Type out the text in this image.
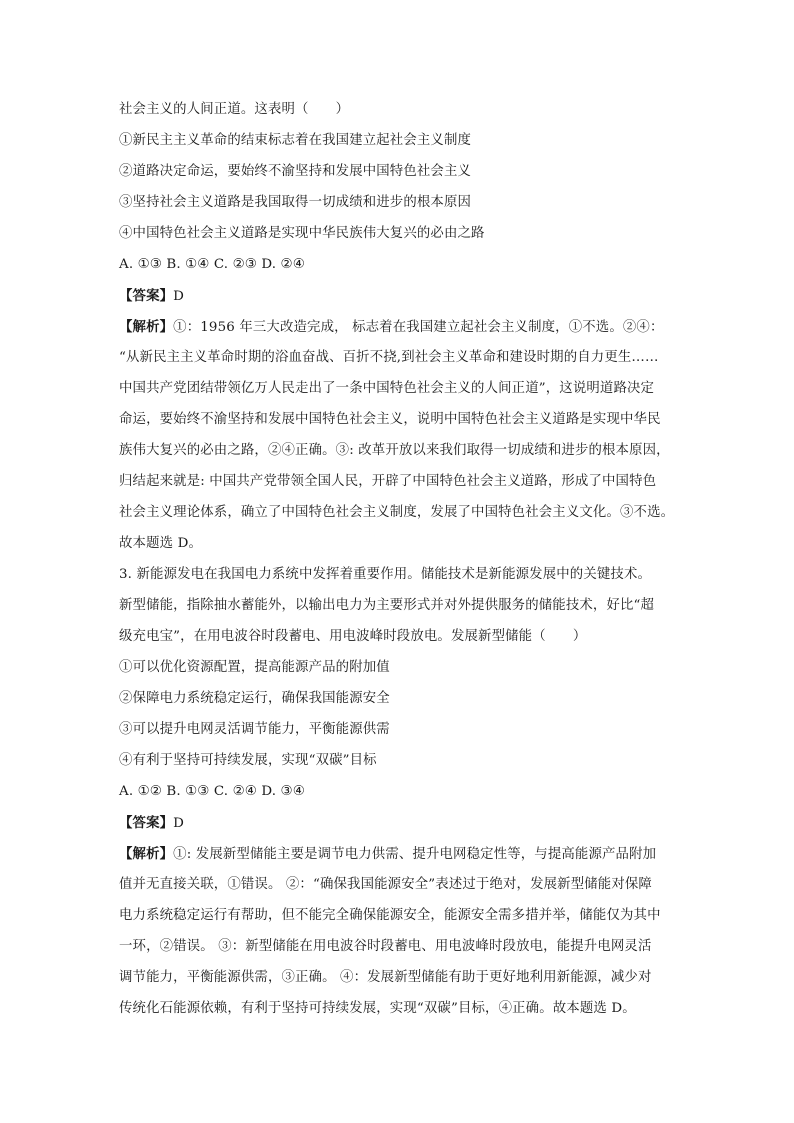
社会主义的人间正道。这表明（　　）
①新民主主义革命的结束标志着在我国建立起社会主义制度
②道路决定命运，要始终不渝坚持和发展中国特色社会主义
③坚持社会主义道路是我国取得一切成绩和进步的根本原因
④中国特色社会主义道路是实现中华民族伟大复兴的必由之路
A. ①③ B. ①④ C. ②③ D. ②④
【答案】D
【解析】①：1956 年三大改造完成， 标志着在我国建立起社会主义制度，①不选。②④：
“从新民主主义革命时期的浴血奋战、百折不挠,到社会主义革命和建设时期的自力更生……
中国共产党团结带领亿万人民走出了一条中国特色社会主义的人间正道”，这说明道路决定
命运，要始终不渝坚持和发展中国特色社会主义，说明中国特色社会主义道路是实现中华民
族伟大复兴的必由之路，②④正确。③: 改革开放以来我们取得一切成绩和进步的根本原因，
归结起来就是: 中国共产党带领全国人民，开辟了中国特色社会主义道路，形成了中国特色
社会主义理论体系，确立了中国特色社会主义制度，发展了中国特色社会主义文化。③不选。
故本题选 D。
3. 新能源发电在我国电力系统中发挥着重要作用。储能技术是新能源发展中的关键技术。
新型储能，指除抽水蓄能外，以输出电力为主要形式并对外提供服务的储能技术，好比“超
级充电宝”，在用电波谷时段蓄电、用电波峰时段放电。发展新型储能（　　）
①可以优化资源配置，提高能源产品的附加值
②保障电力系统稳定运行，确保我国能源安全
③可以提升电网灵活调节能力，平衡能源供需
④有利于坚持可持续发展，实现“双碳”目标
A. ①② B. ①③ C. ②④ D. ③④
【答案】D
【解析】①: 发展新型储能主要是调节电力供需、提升电网稳定性等，与提高能源产品附加
值并无直接关联，①错误。 ②：“确保我国能源安全”表述过于绝对，发展新型储能对保障
电力系统稳定运行有帮助，但不能完全确保能源安全，能源安全需多措并举，储能仅为其中
一环，②错误。 ③：新型储能在用电波谷时段蓄电、用电波峰时段放电，能提升电网灵活
调节能力，平衡能源供需，③正确。 ④：发展新型储能有助于更好地利用新能源，减少对
传统化石能源依赖，有利于坚持可持续发展，实现“双碳”目标，④正确。故本题选 D。
